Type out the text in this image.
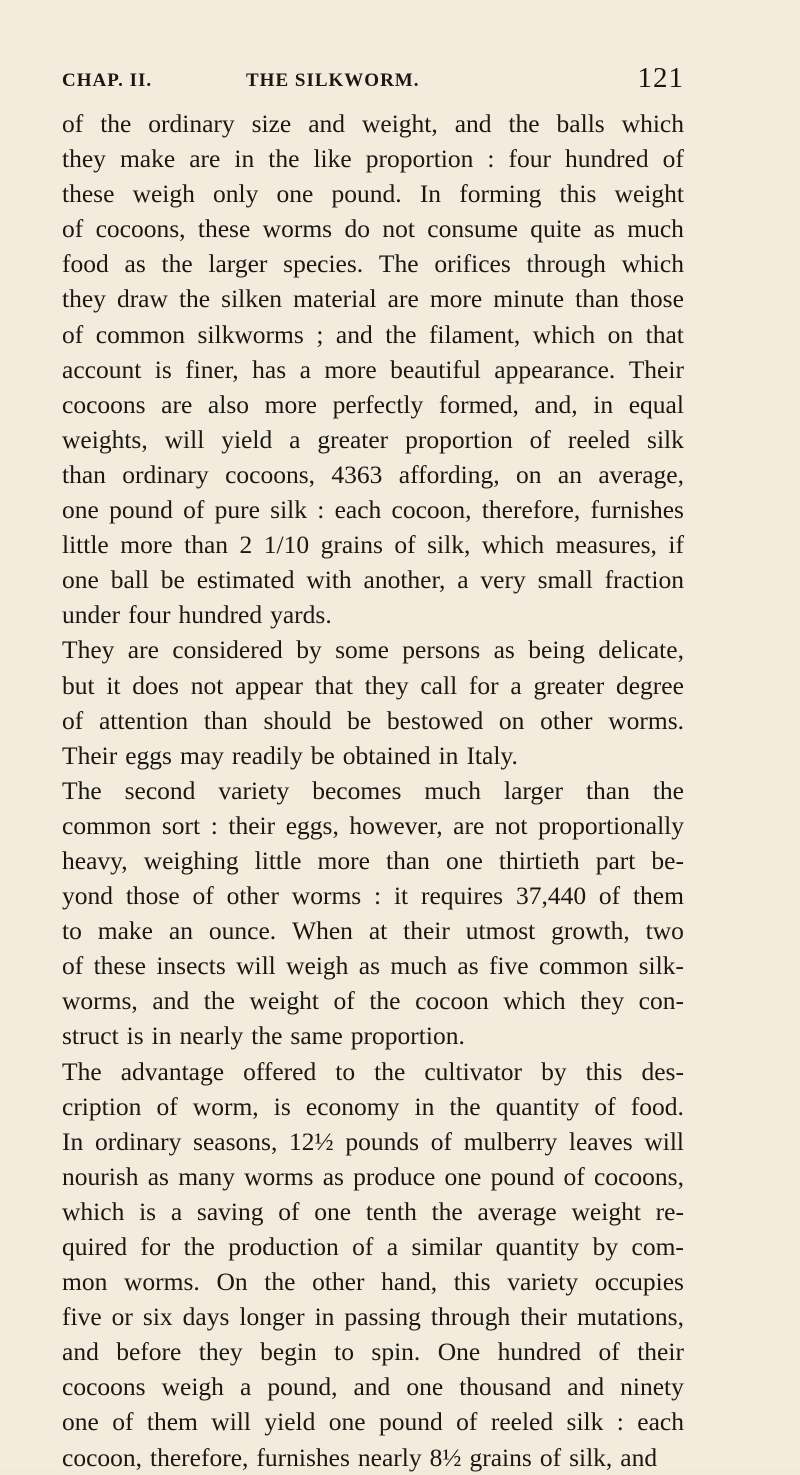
CHAP. II.	THE SILKWORM.	121
of the ordinary size and weight, and the balls which
they make are in the like proportion : four hundred of
these weigh only one pound. In forming this weight
of cocoons, these worms do not consume quite as much
food as the larger species. The orifices through which
they draw the silken material are more minute than those
of common silkworms ; and the filament, which on that
account is finer, has a more beautiful appearance. Their
cocoons are also more perfectly formed, and, in equal
weights, will yield a greater proportion of reeled silk
than ordinary cocoons, 4363 affording, on an average,
one pound of pure silk : each cocoon, therefore, furnishes
little more than 2 1/10 grains of silk, which measures, if
one ball be estimated with another, a very small fraction
under four hundred yards.
They are considered by some persons as being delicate,
but it does not appear that they call for a greater degree
of attention than should be bestowed on other worms.
Their eggs may readily be obtained in Italy.
The second variety becomes much larger than the
common sort : their eggs, however, are not proportionally
heavy, weighing little more than one thirtieth part be-
yond those of other worms : it requires 37,440 of them
to make an ounce. When at their utmost growth, two
of these insects will weigh as much as five common silk-
worms, and the weight of the cocoon which they con-
struct is in nearly the same proportion.
The advantage offered to the cultivator by this des-
cription of worm, is economy in the quantity of food.
In ordinary seasons, 12½ pounds of mulberry leaves will
nourish as many worms as produce one pound of cocoons,
which is a saving of one tenth the average weight re-
quired for the production of a similar quantity by com-
mon worms. On the other hand, this variety occupies
five or six days longer in passing through their mutations,
and before they begin to spin. One hundred of their
cocoons weigh a pound, and one thousand and ninety
one of them will yield one pound of reeled silk : each
cocoon, therefore, furnishes nearly 8½ grains of silk, and
